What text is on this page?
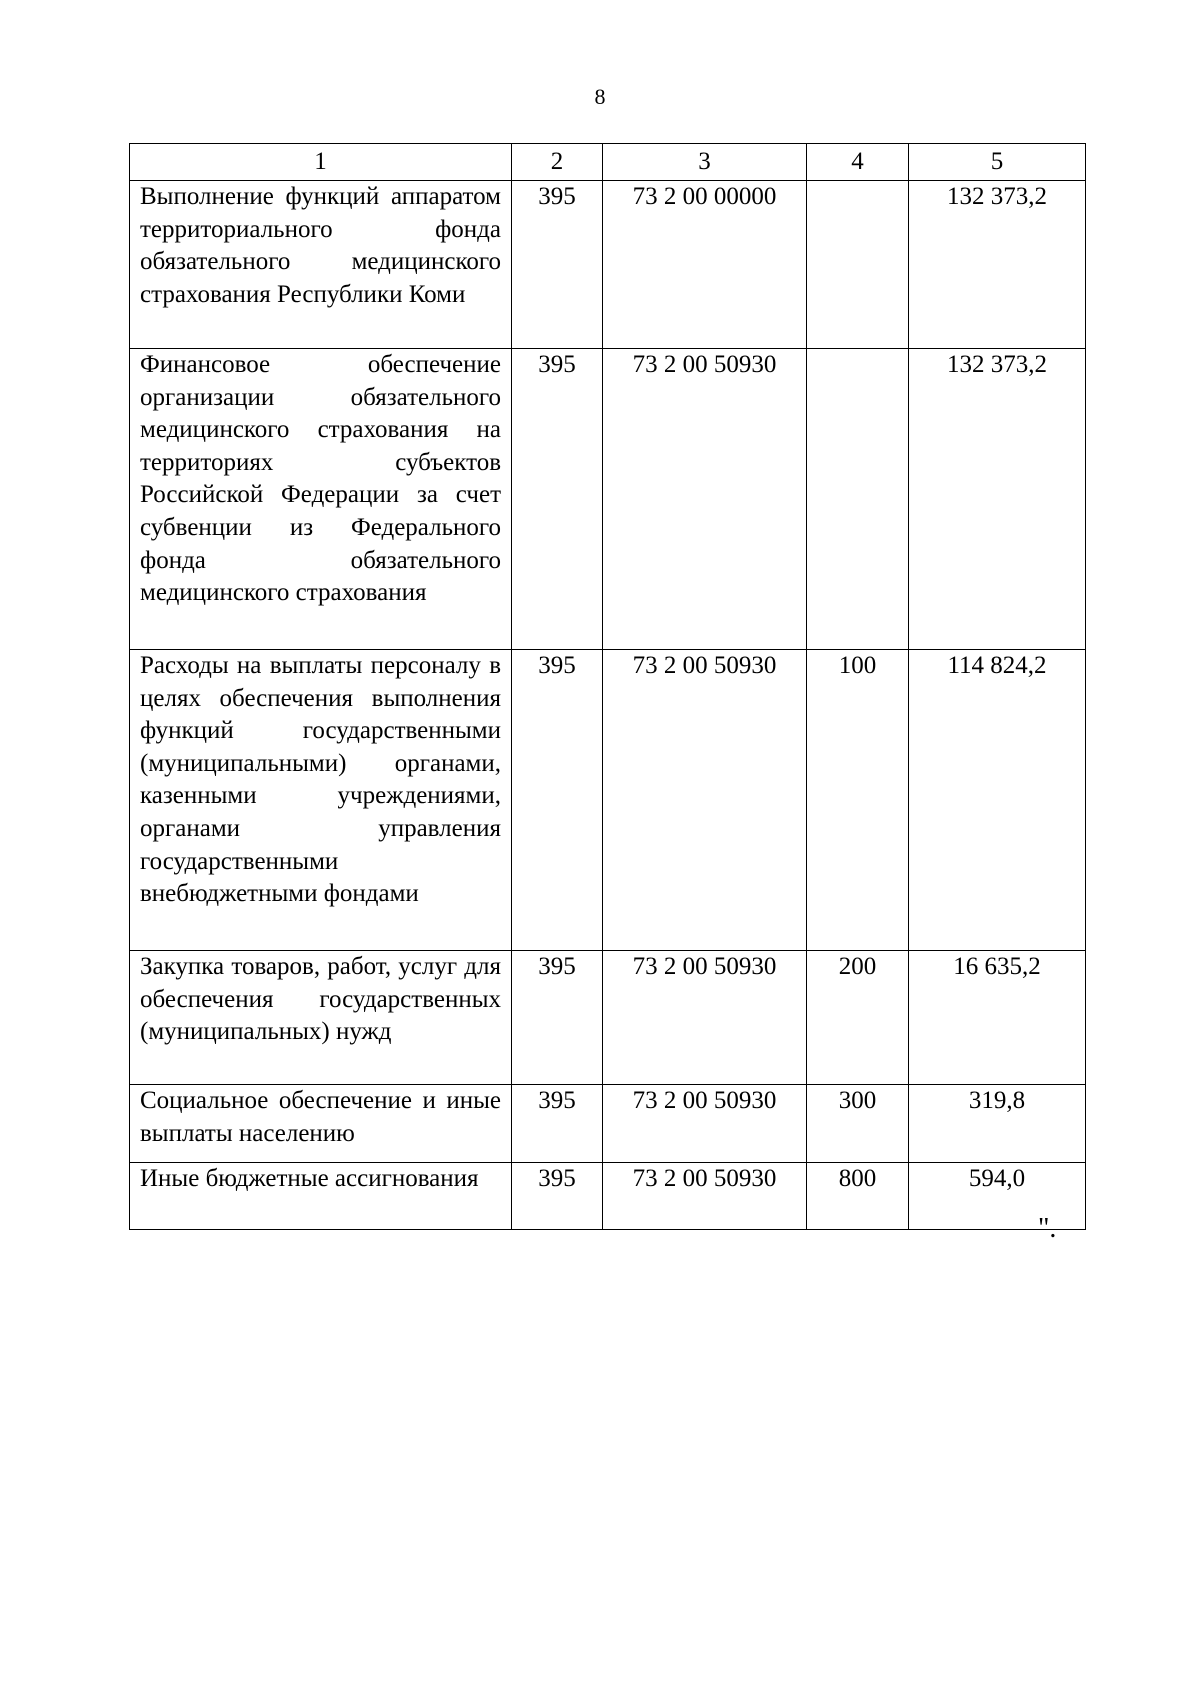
8
1	2	3	4	5
Выполнение функций аппаратом территориального фонда обязательного медицинского страхования Республики Коми	395	73 2 00 00000		132 373,2
Финансовое обеспечение организации обязательного медицинского страхования на территориях субъектов Российской Федерации за счет субвенции из Федерального фонда обязательного медицинского страхования	395	73 2 00 50930		132 373,2
Расходы на выплаты персоналу в целях обеспечения выполнения функций государственными (муниципальными) органами, казенными учреждениями, органами управления государственными внебюджетными фондами	395	73 2 00 50930	100	114 824,2
Закупка товаров, работ, услуг для обеспечения государственных (муниципальных) нужд	395	73 2 00 50930	200	16 635,2
Социальное обеспечение и иные выплаты населению	395	73 2 00 50930	300	319,8
Иные бюджетные ассигнования	395	73 2 00 50930	800	594,0
".
